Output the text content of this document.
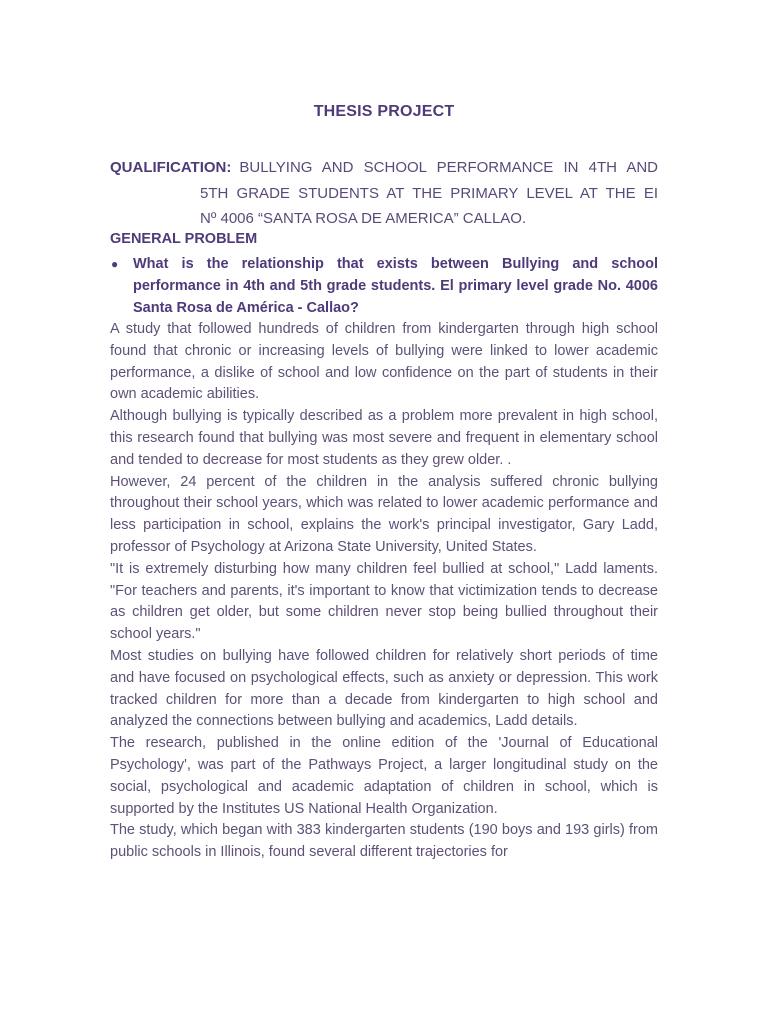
THESIS PROJECT
QUALIFICATION: BULLYING AND SCHOOL PERFORMANCE IN 4TH AND
5TH GRADE STUDENTS AT THE PRIMARY LEVEL AT THE EI
Nº 4006 “SANTA ROSA DE AMERICA” CALLAO.
GENERAL PROBLEM
● What is the relationship that exists between Bullying and school performance in 4th and 5th grade students. El primary level grade No. 4006 Santa Rosa de América - Callao?

A study that followed hundreds of children from kindergarten through high school found that chronic or increasing levels of bullying were linked to lower academic performance, a dislike of school and low confidence on the part of students in their own academic abilities.

Although bullying is typically described as a problem more prevalent in high school, this research found that bullying was most severe and frequent in elementary school and tended to decrease for most students as they grew older. .

However, 24 percent of the children in the analysis suffered chronic bullying throughout their school years, which was related to lower academic performance and less participation in school, explains the work's principal investigator, Gary Ladd, professor of Psychology at Arizona State University, United States.

"It is extremely disturbing how many children feel bullied at school," Ladd laments. "For teachers and parents, it's important to know that victimization tends to decrease as children get older, but some children never stop being bullied throughout their school years."

Most studies on bullying have followed children for relatively short periods of time and have focused on psychological effects, such as anxiety or depression. This work tracked children for more than a decade from kindergarten to high school and analyzed the connections between bullying and academics, Ladd details.

The research, published in the online edition of the 'Journal of Educational Psychology', was part of the Pathways Project, a larger longitudinal study on the social, psychological and academic adaptation of children in school, which is supported by the Institutes US National Health Organization.

The study, which began with 383 kindergarten students (190 boys and 193 girls) from public schools in Illinois, found several different trajectories for
